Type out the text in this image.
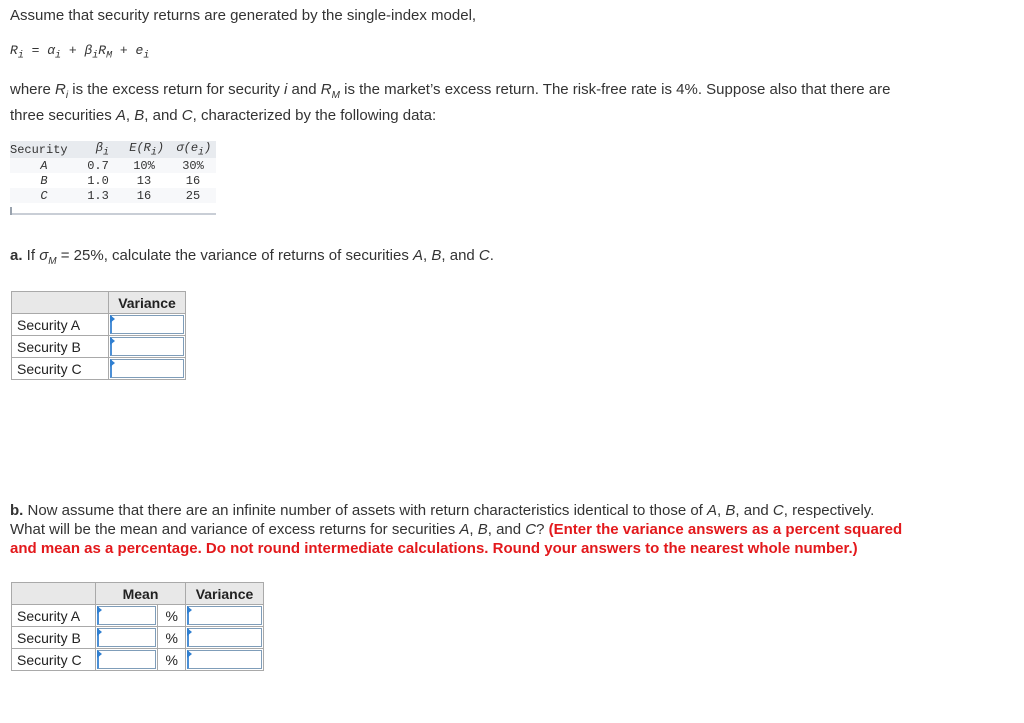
Assume that security returns are generated by the single-index model,
$R_i = \alpha_i + \beta_iR_M + e_i$
where $R_i$ is the excess return for security i and $R_M$ is the market’s excess return. The risk-free rate is 4%. Suppose also that there are
three securities A, B, and C, characterized by the following data:
Security	$\beta_i$	$E(R_i)$	$\sigma(e_i)$
A	0.7	10%	30%
B	1.0	13	16
C	1.3	16	25
a. If $\sigma_M = 25\%$, calculate the variance of returns of securities A, B, and C.
	Variance
Security A	

Security B	

Security C	
b. Now assume that there are an infinite number of assets with return characteristics identical to those of A, B, and C, respectively.
What will be the mean and variance of excess returns for securities A, B, and C? (Enter the variance answers as a percent squared
and mean as a percentage. Do not round intermediate calculations. Round your answers to the nearest whole number.)
	Mean		Variance
Security A		%	

Security B		%	

Security C		%	
